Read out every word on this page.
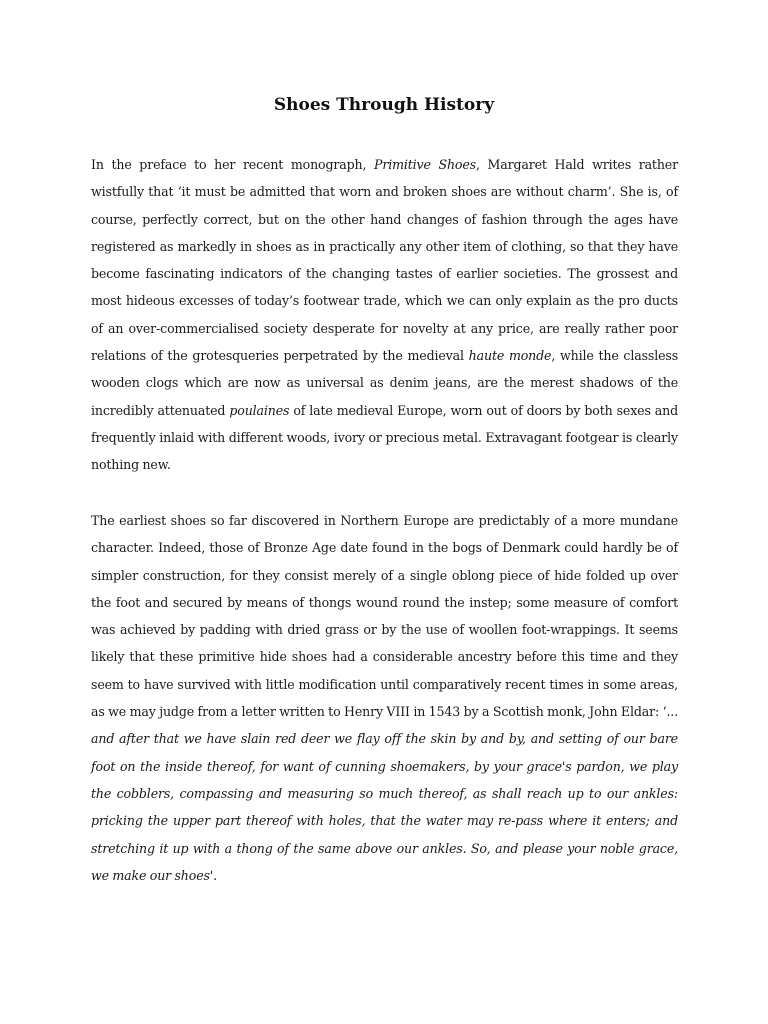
Shoes Through History

In the preface to her recent monograph, Primitive Shoes, Margaret Hald writes rather wistfully that ‘it must be admitted that worn and broken shoes are without charm’. She is, of course, perfectly correct, but on the other hand changes of fashion through the ages have registered as markedly in shoes as in practically any other item of clothing, so that they have become fascinating indicators of the changing tastes of earlier societies. The grossest and most hideous excesses of today’s footwear trade, which we can only explain as the pro ducts of an over-commercialised society desperate for novelty at any price, are really rather poor relations of the grotesqueries perpetrated by the medieval haute monde, while the classless wooden clogs which are now as universal as denim jeans, are the merest shadows of the incredibly attenuated poulaines of late medieval Europe, worn out of doors by both sexes and frequently inlaid with different woods, ivory or precious metal. Extravagant footgear is clearly nothing new.

The earliest shoes so far discovered in Northern Europe are predictably of a more mundane character. Indeed, those of Bronze Age date found in the bogs of Denmark could hardly be of simpler construction, for they consist merely of a single oblong piece of hide folded up over the foot and secured by means of thongs wound round the instep; some measure of comfort was achieved by padding with dried grass or by the use of woollen foot-wrappings. It seems likely that these primitive hide shoes had a considerable ancestry before this time and they seem to have survived with little modification until comparatively recent times in some areas, as we may judge from a letter written to Henry VIII in 1543 by a Scottish monk, John Eldar: ‘... and after that we have slain red deer we flay off the skin by and by, and setting of our bare foot on the inside thereof, for want of cunning shoemakers, by your grace's pardon, we play the cobblers, compassing and measuring so much thereof, as shall reach up to our ankles: pricking the upper part thereof with holes, that the water may re-pass where it enters; and stretching it up with a thong of the same above our ankles. So, and please your noble grace, we make our shoes'.
